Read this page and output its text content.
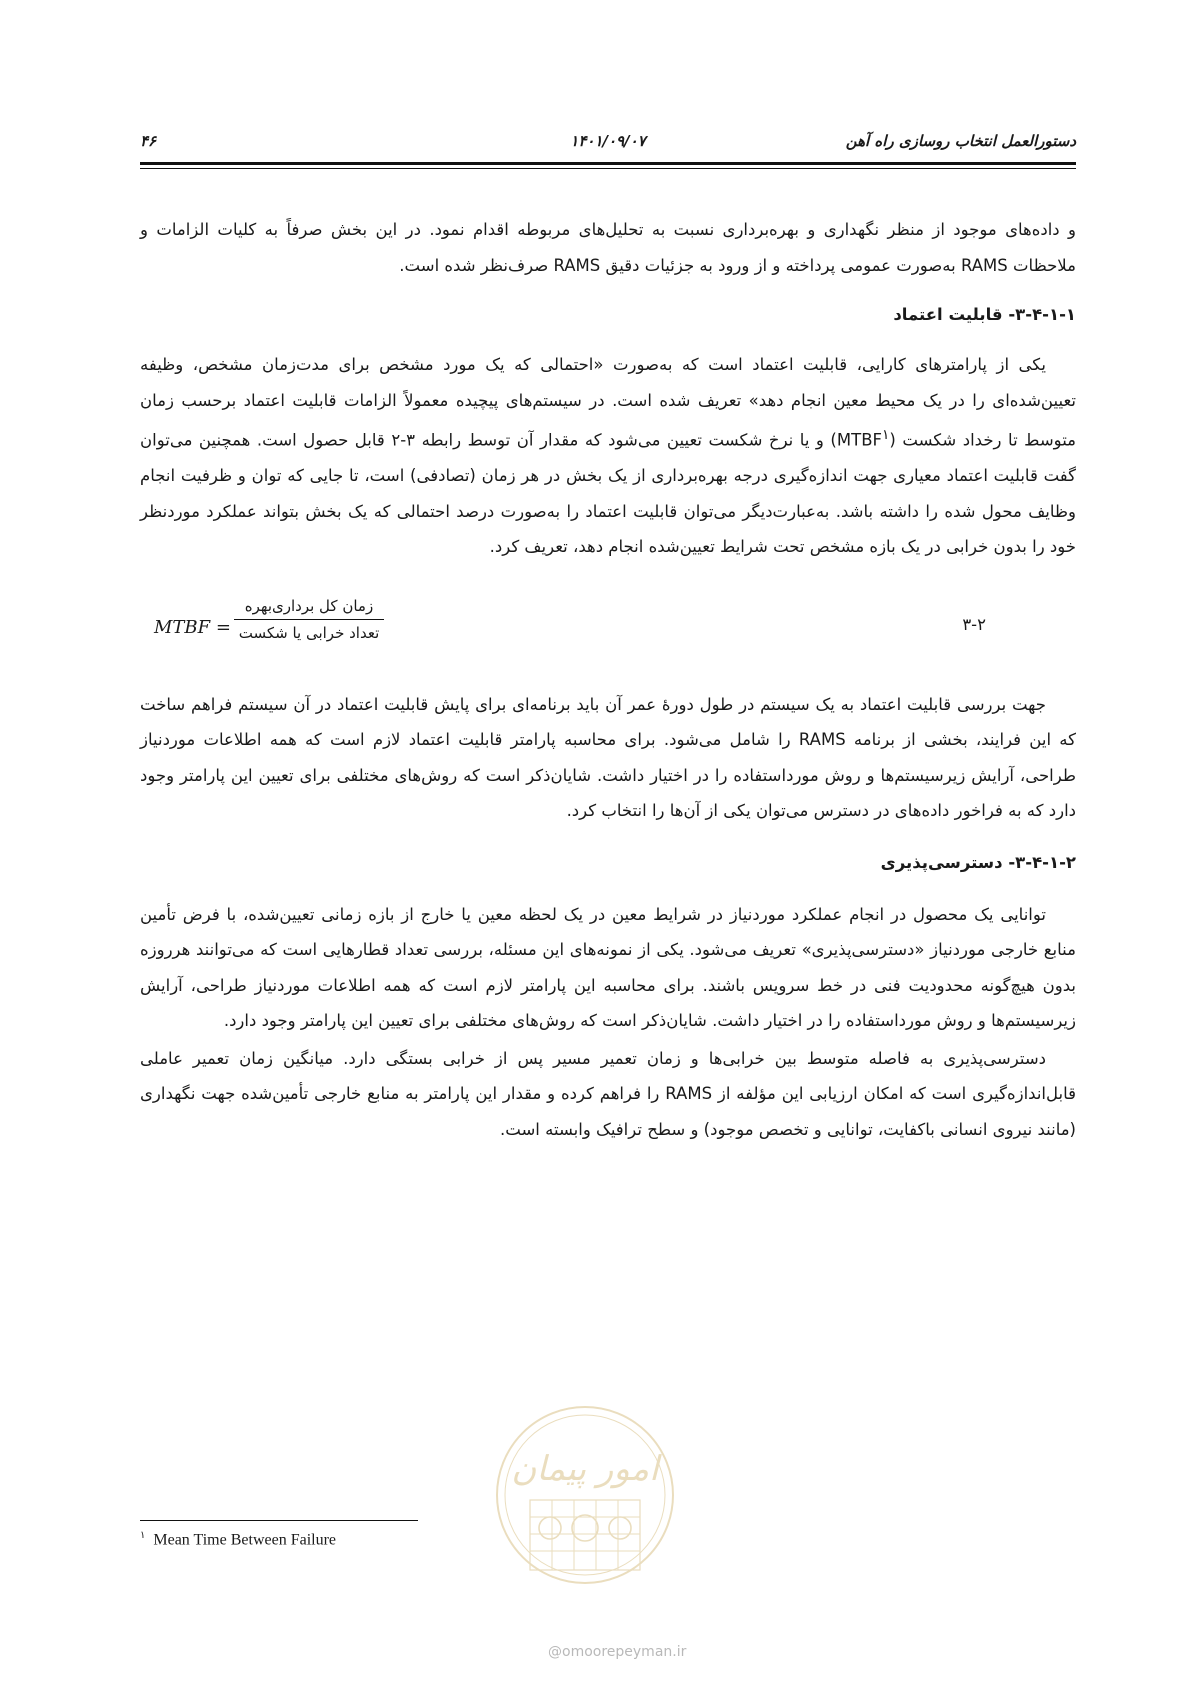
دستورالعمل انتخاب روسازی راه آهن
۱۴۰۱/۰۹/۰۷
۴۶

و داده‌های موجود از منظر نگهداری و بهره‌برداری نسبت به تحلیل‌های مربوطه اقدام نمود. در این بخش صرفاً به کلیات الزامات و ملاحظات RAMS به‌صورت عمومی پرداخته و از ورود به جزئیات دقیق RAMS صرف‌نظر شده است.

۳-۴-۱-۱- قابلیت اعتماد

یکی از پارامترهای کارایی، قابلیت اعتماد است که به‌صورت «احتمالی که یک مورد مشخص برای مدت‌زمان مشخص، وظیفه تعیین‌شده‌ای را در یک محیط معین انجام دهد» تعریف شده است. در سیستم‌های پیچیده معمولاً الزامات قابلیت اعتماد برحسب زمان متوسط تا رخداد شکست (MTBF$^۱$) و یا نرخ شکست تعیین می‌شود که مقدار آن توسط رابطه ۳-۲ قابل حصول است. همچنین می‌توان گفت قابلیت اعتماد معیاری جهت اندازه‌گیری درجه بهره‌برداری از یک بخش در هر زمان (تصادفی) است، تا جایی که توان و ظرفیت انجام وظایف محول شده را داشته باشد. به‌عبارت‌دیگر می‌توان قابلیت اعتماد را به‌صورت درصد احتمالی که یک بخش بتواند عملکرد موردنظر خود را بدون خرابی در یک بازه مشخص تحت شرایط تعیین‌شده انجام دهد، تعریف کرد.

MTBF =
زمان کل برداری‌بهره
تعداد خرابی یا شکست	۳-۲

جهت بررسی قابلیت اعتماد به یک سیستم در طول دورهٔ عمر آن باید برنامه‌ای برای پایش قابلیت اعتماد در آن سیستم فراهم ساخت که این فرایند، بخشی از برنامه RAMS را شامل می‌شود. برای محاسبه پارامتر قابلیت اعتماد لازم است که همه اطلاعات موردنیاز طراحی، آرایش زیرسیستم‌ها و روش مورداستفاده را در اختیار داشت. شایان‌ذکر است که روش‌های مختلفی برای تعیین این پارامتر وجود دارد که به فراخور داده‌های در دسترس می‌توان یکی از آن‌ها را انتخاب کرد.

۳-۴-۱-۲- دسترسی‌پذیری

توانایی یک محصول در انجام عملکرد موردنیاز در شرایط معین در یک لحظه معین یا خارج از بازه زمانی تعیین‌شده، با فرض تأمین منابع خارجی موردنیاز «دسترسی‌پذیری» تعریف می‌شود. یکی از نمونه‌های این مسئله، بررسی تعداد قطارهایی است که می‌توانند هرروزه بدون هیچ‌گونه محدودیت فنی در خط سرویس باشند. برای محاسبه این پارامتر لازم است که همه اطلاعات موردنیاز طراحی، آرایش زیرسیستم‌ها و روش مورداستفاده را در اختیار داشت. شایان‌ذکر است که روش‌های مختلفی برای تعیین این پارامتر وجود دارد.

دسترسی‌پذیری به فاصله متوسط بین خرابی‌ها و زمان تعمیر مسیر پس از خرابی بستگی دارد. میانگین زمان تعمیر عاملی قابل‌اندازه‌گیری است که امکان ارزیابی این مؤلفه از RAMS را فراهم کرده و مقدار این پارامتر به منابع خارجی تأمین‌شده جهت نگهداری (مانند نیروی انسانی باکفایت، توانایی و تخصص موجود) و سطح ترافیک وابسته است.

امور پیمان
$^۱$ Mean Time Between Failure
@omoorepeyman.ir
